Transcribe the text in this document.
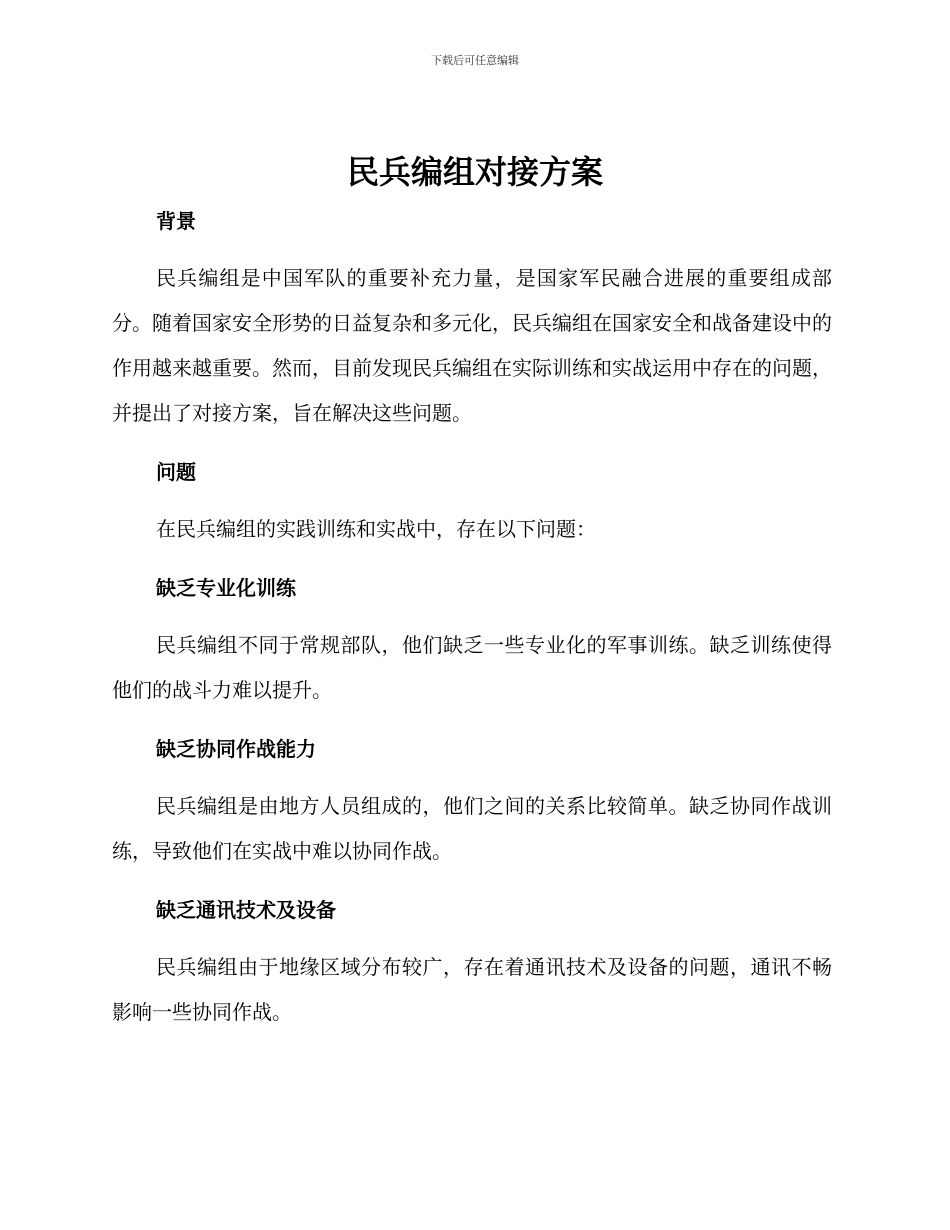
下载后可任意编辑
民兵编组对接方案
背景

民兵编组是中国军队的重要补充力量，是国家军民融合进展的重要组成部分。随着国家安全形势的日益复杂和多元化，民兵编组在国家安全和战备建设中的作用越来越重要。然而，目前发现民兵编组在实际训练和实战运用中存在的问题，并提出了对接方案，旨在解决这些问题。

问题

在民兵编组的实践训练和实战中，存在以下问题：

缺乏专业化训练

民兵编组不同于常规部队，他们缺乏一些专业化的军事训练。缺乏训练使得他们的战斗力难以提升。

缺乏协同作战能力

民兵编组是由地方人员组成的，他们之间的关系比较简单。缺乏协同作战训练，导致他们在实战中难以协同作战。

缺乏通讯技术及设备

民兵编组由于地缘区域分布较广，存在着通讯技术及设备的问题，通讯不畅影响一些协同作战。
